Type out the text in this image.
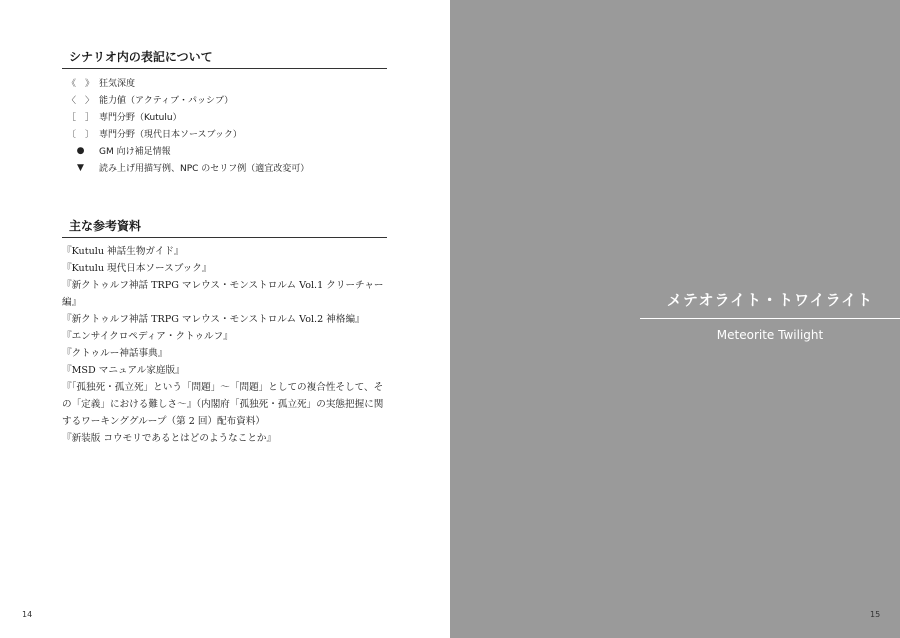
シナリオ内の表記について
《　》 狂気深度
〈　〉 能力値（アクティブ・パッシブ）
［　］ 専門分野（Kutulu）
〔　〕 専門分野（現代日本ソースブック）
●	GM 向け補足情報
▼	読み上げ用描写例、NPC のセリフ例（適宜改変可）
主な参考資料

『Kutulu 神話生物ガイド』

『Kutulu 現代日本ソースブック』

『新クトゥルフ神話 TRPG マレウス・モンストロルム Vol.1 クリーチャー編』

『新クトゥルフ神話 TRPG マレウス・モンストロルム Vol.2 神格編』

『エンサイクロペディア・クトゥルフ』

『クトゥルー神話事典』

『MSD マニュアル家庭版』

『「孤独死・孤立死」という「問題」～「問題」としての複合性そして、その「定義」における難しさ～』（内閣府「孤独死・孤立死」の実態把握に関するワーキンググループ（第 2 回）配布資料）

『新装版 コウモリであるとはどのようなことか』

14
メテオライト・トワイライト
Meteorite Twilight
15
